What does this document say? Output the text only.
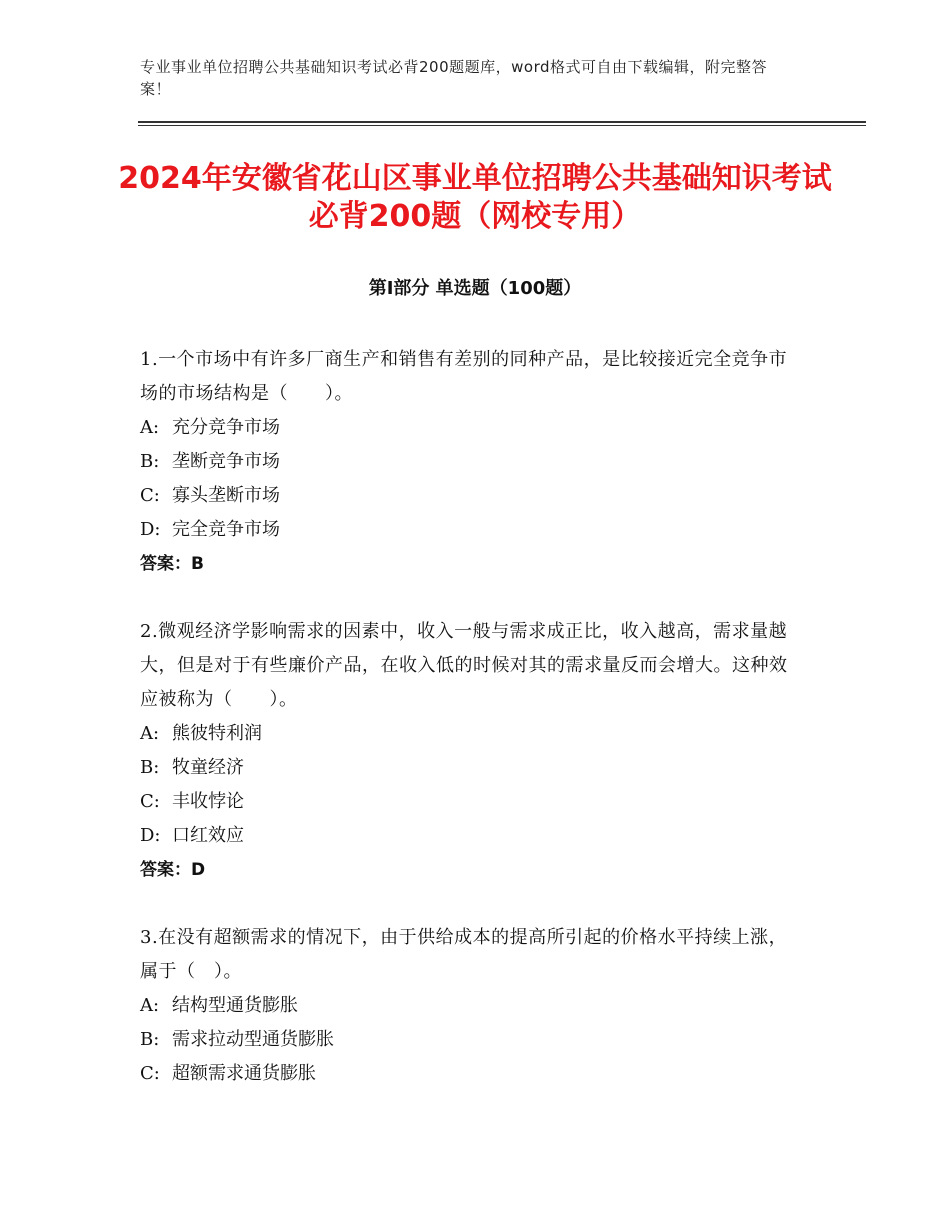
专业事业单位招聘公共基础知识考试必背200题题库，word格式可自由下载编辑，附完整答案！
2024年安徽省花山区事业单位招聘公共基础知识考试必背200题（网校专用）
第Ⅰ部分 单选题（100题）
1.一个市场中有许多厂商生产和销售有差别的同种产品，是比较接近完全竞争市场的市场结构是（　　）。
A: 充分竞争市场
B: 垄断竞争市场
C: 寡头垄断市场
D: 完全竞争市场
答案：B
2.微观经济学影响需求的因素中，收入一般与需求成正比，收入越高，需求量越大，但是对于有些廉价产品，在收入低的时候对其的需求量反而会增大。这种效应被称为（　　）。
A: 熊彼特利润
B: 牧童经济
C: 丰收悖论
D: 口红效应
答案：D
3.在没有超额需求的情况下，由于供给成本的提高所引起的价格水平持续上涨，属于（　）。
A: 结构型通货膨胀
B: 需求拉动型通货膨胀
C: 超额需求通货膨胀
